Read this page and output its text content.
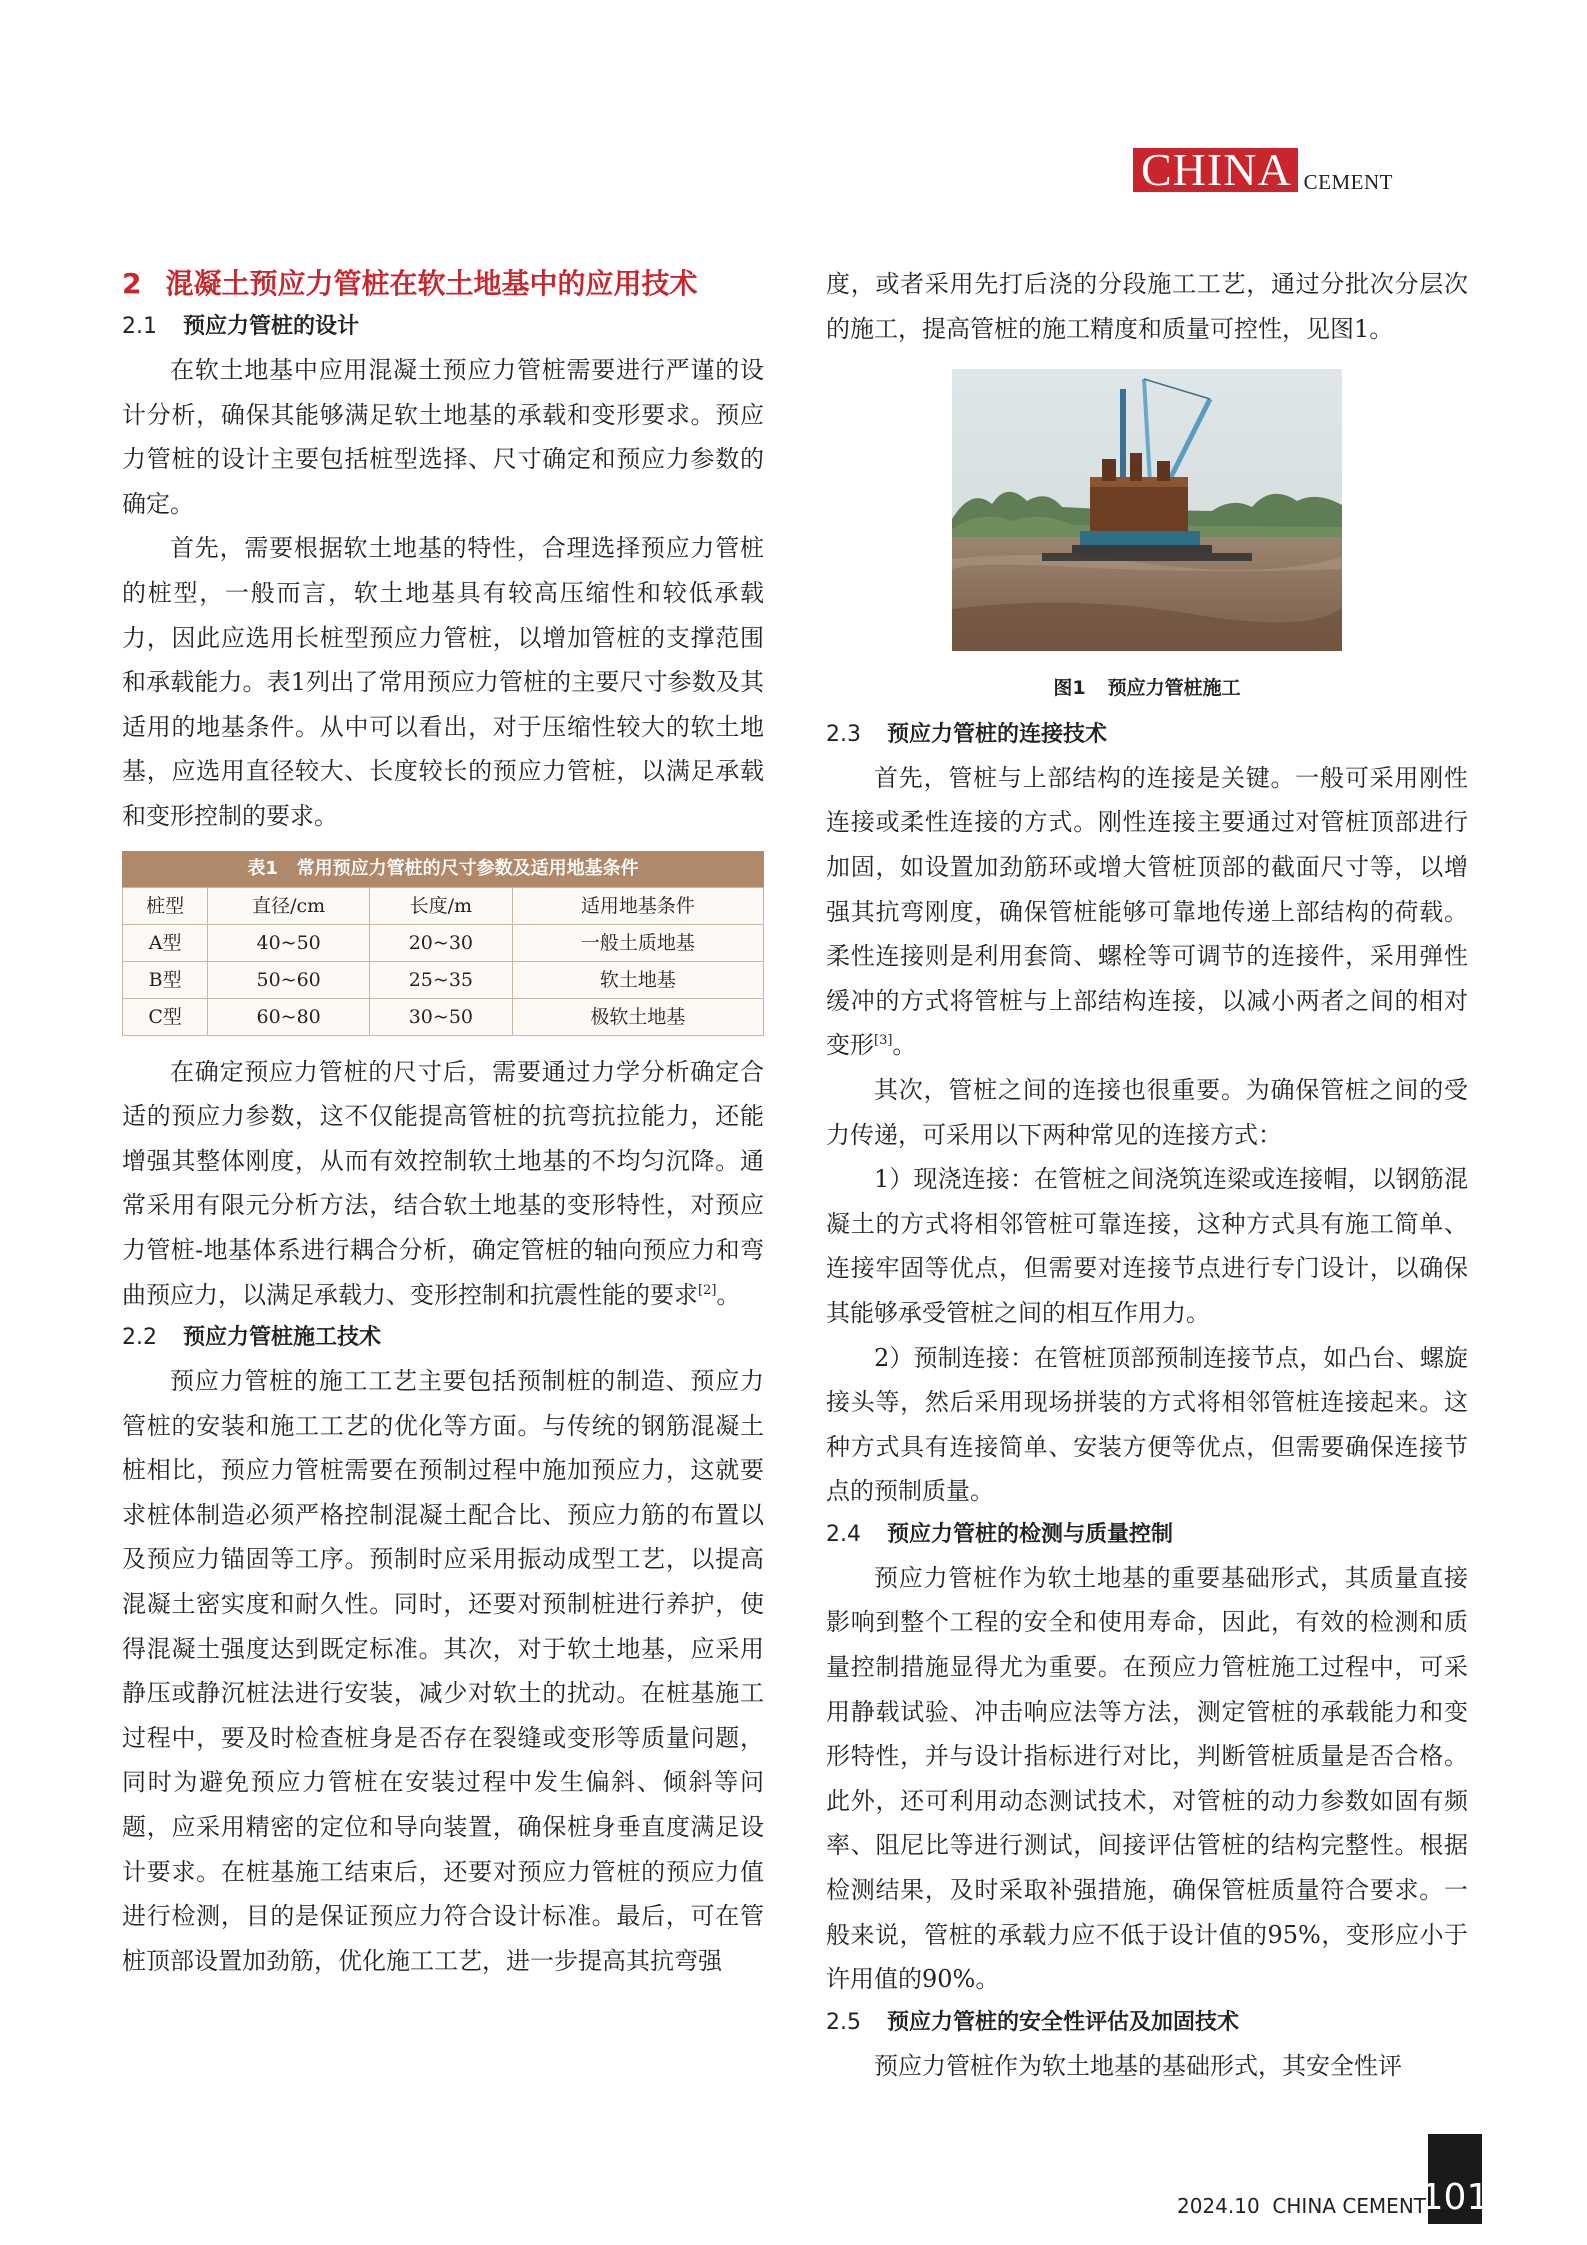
CHINA CEMENT
2 混凝土预应力管桩在软土地基中的应用技术
2.1 预应力管桩的设计

在软土地基中应用混凝土预应力管桩需要进行严谨的设计分析，确保其能够满足软土地基的承载和变形要求。预应力管桩的设计主要包括桩型选择、尺寸确定和预应力参数的确定。

首先，需要根据软土地基的特性，合理选择预应力管桩的桩型，一般而言，软土地基具有较高压缩性和较低承载力，因此应选用长桩型预应力管桩，以增加管桩的支撑范围和承载能力。表1列出了常用预应力管桩的主要尺寸参数及其适用的地基条件。从中可以看出，对于压缩性较大的软土地基，应选用直径较大、长度较长的预应力管桩，以满足承载和变形控制的要求。

表1 常用预应力管桩的尺寸参数及适用地基条件
桩型	直径/cm	长度/m	适用地基条件
A型	40~50	20~30	一般土质地基
B型	50~60	25~35	软土地基
C型	60~80	30~50	极软土地基

在确定预应力管桩的尺寸后，需要通过力学分析确定合适的预应力参数，这不仅能提高管桩的抗弯抗拉能力，还能增强其整体刚度，从而有效控制软土地基的不均匀沉降。通常采用有限元分析方法，结合软土地基的变形特性，对预应力管桩-地基体系进行耦合分析，确定管桩的轴向预应力和弯曲预应力，以满足承载力、变形控制和抗震性能的要求[2]。

2.2 预应力管桩施工技术

预应力管桩的施工工艺主要包括预制桩的制造、预应力管桩的安装和施工工艺的优化等方面。与传统的钢筋混凝土桩相比，预应力管桩需要在预制过程中施加预应力，这就要求桩体制造必须严格控制混凝土配合比、预应力筋的布置以及预应力锚固等工序。预制时应采用振动成型工艺，以提高混凝土密实度和耐久性。同时，还要对预制桩进行养护，使得混凝土强度达到既定标准。其次，对于软土地基，应采用静压或静沉桩法进行安装，减少对软土的扰动。在桩基施工过程中，要及时检查桩身是否存在裂缝或变形等质量问题，同时为避免预应力管桩在安装过程中发生偏斜、倾斜等问题，应采用精密的定位和导向装置，确保桩身垂直度满足设计要求。在桩基施工结束后，还要对预应力管桩的预应力值进行检测，目的是保证预应力符合设计标准。最后，可在管桩顶部设置加劲筋，优化施工工艺，进一步提高其抗弯强

度，或者采用先打后浇的分段施工工艺，通过分批次分层次的施工，提高管桩的施工精度和质量可控性，见图1。

图1 预应力管桩施工
2.3 预应力管桩的连接技术

首先，管桩与上部结构的连接是关键。一般可采用刚性连接或柔性连接的方式。刚性连接主要通过对管桩顶部进行加固，如设置加劲筋环或增大管桩顶部的截面尺寸等，以增强其抗弯刚度，确保管桩能够可靠地传递上部结构的荷载。柔性连接则是利用套筒、螺栓等可调节的连接件，采用弹性缓冲的方式将管桩与上部结构连接，以减小两者之间的相对变形[3]。

其次，管桩之间的连接也很重要。为确保管桩之间的受力传递，可采用以下两种常见的连接方式：

1）现浇连接：在管桩之间浇筑连梁或连接帽，以钢筋混凝土的方式将相邻管桩可靠连接，这种方式具有施工简单、连接牢固等优点，但需要对连接节点进行专门设计，以确保其能够承受管桩之间的相互作用力。

2）预制连接：在管桩顶部预制连接节点，如凸台、螺旋接头等，然后采用现场拼装的方式将相邻管桩连接起来。这种方式具有连接简单、安装方便等优点，但需要确保连接节点的预制质量。

2.4 预应力管桩的检测与质量控制

预应力管桩作为软土地基的重要基础形式，其质量直接影响到整个工程的安全和使用寿命，因此，有效的检测和质量控制措施显得尤为重要。在预应力管桩施工过程中，可采用静载试验、冲击响应法等方法，测定管桩的承载能力和变形特性，并与设计指标进行对比，判断管桩质量是否合格。此外，还可利用动态测试技术，对管桩的动力参数如固有频率、阻尼比等进行测试，间接评估管桩的结构完整性。根据检测结果，及时采取补强措施，确保管桩质量符合要求。一般来说，管桩的承载力应不低于设计值的95%，变形应小于许用值的90%。

2.5 预应力管桩的安全性评估及加固技术

预应力管桩作为软土地基的基础形式，其安全性评

2024.10 CHINA CEMENT
101
